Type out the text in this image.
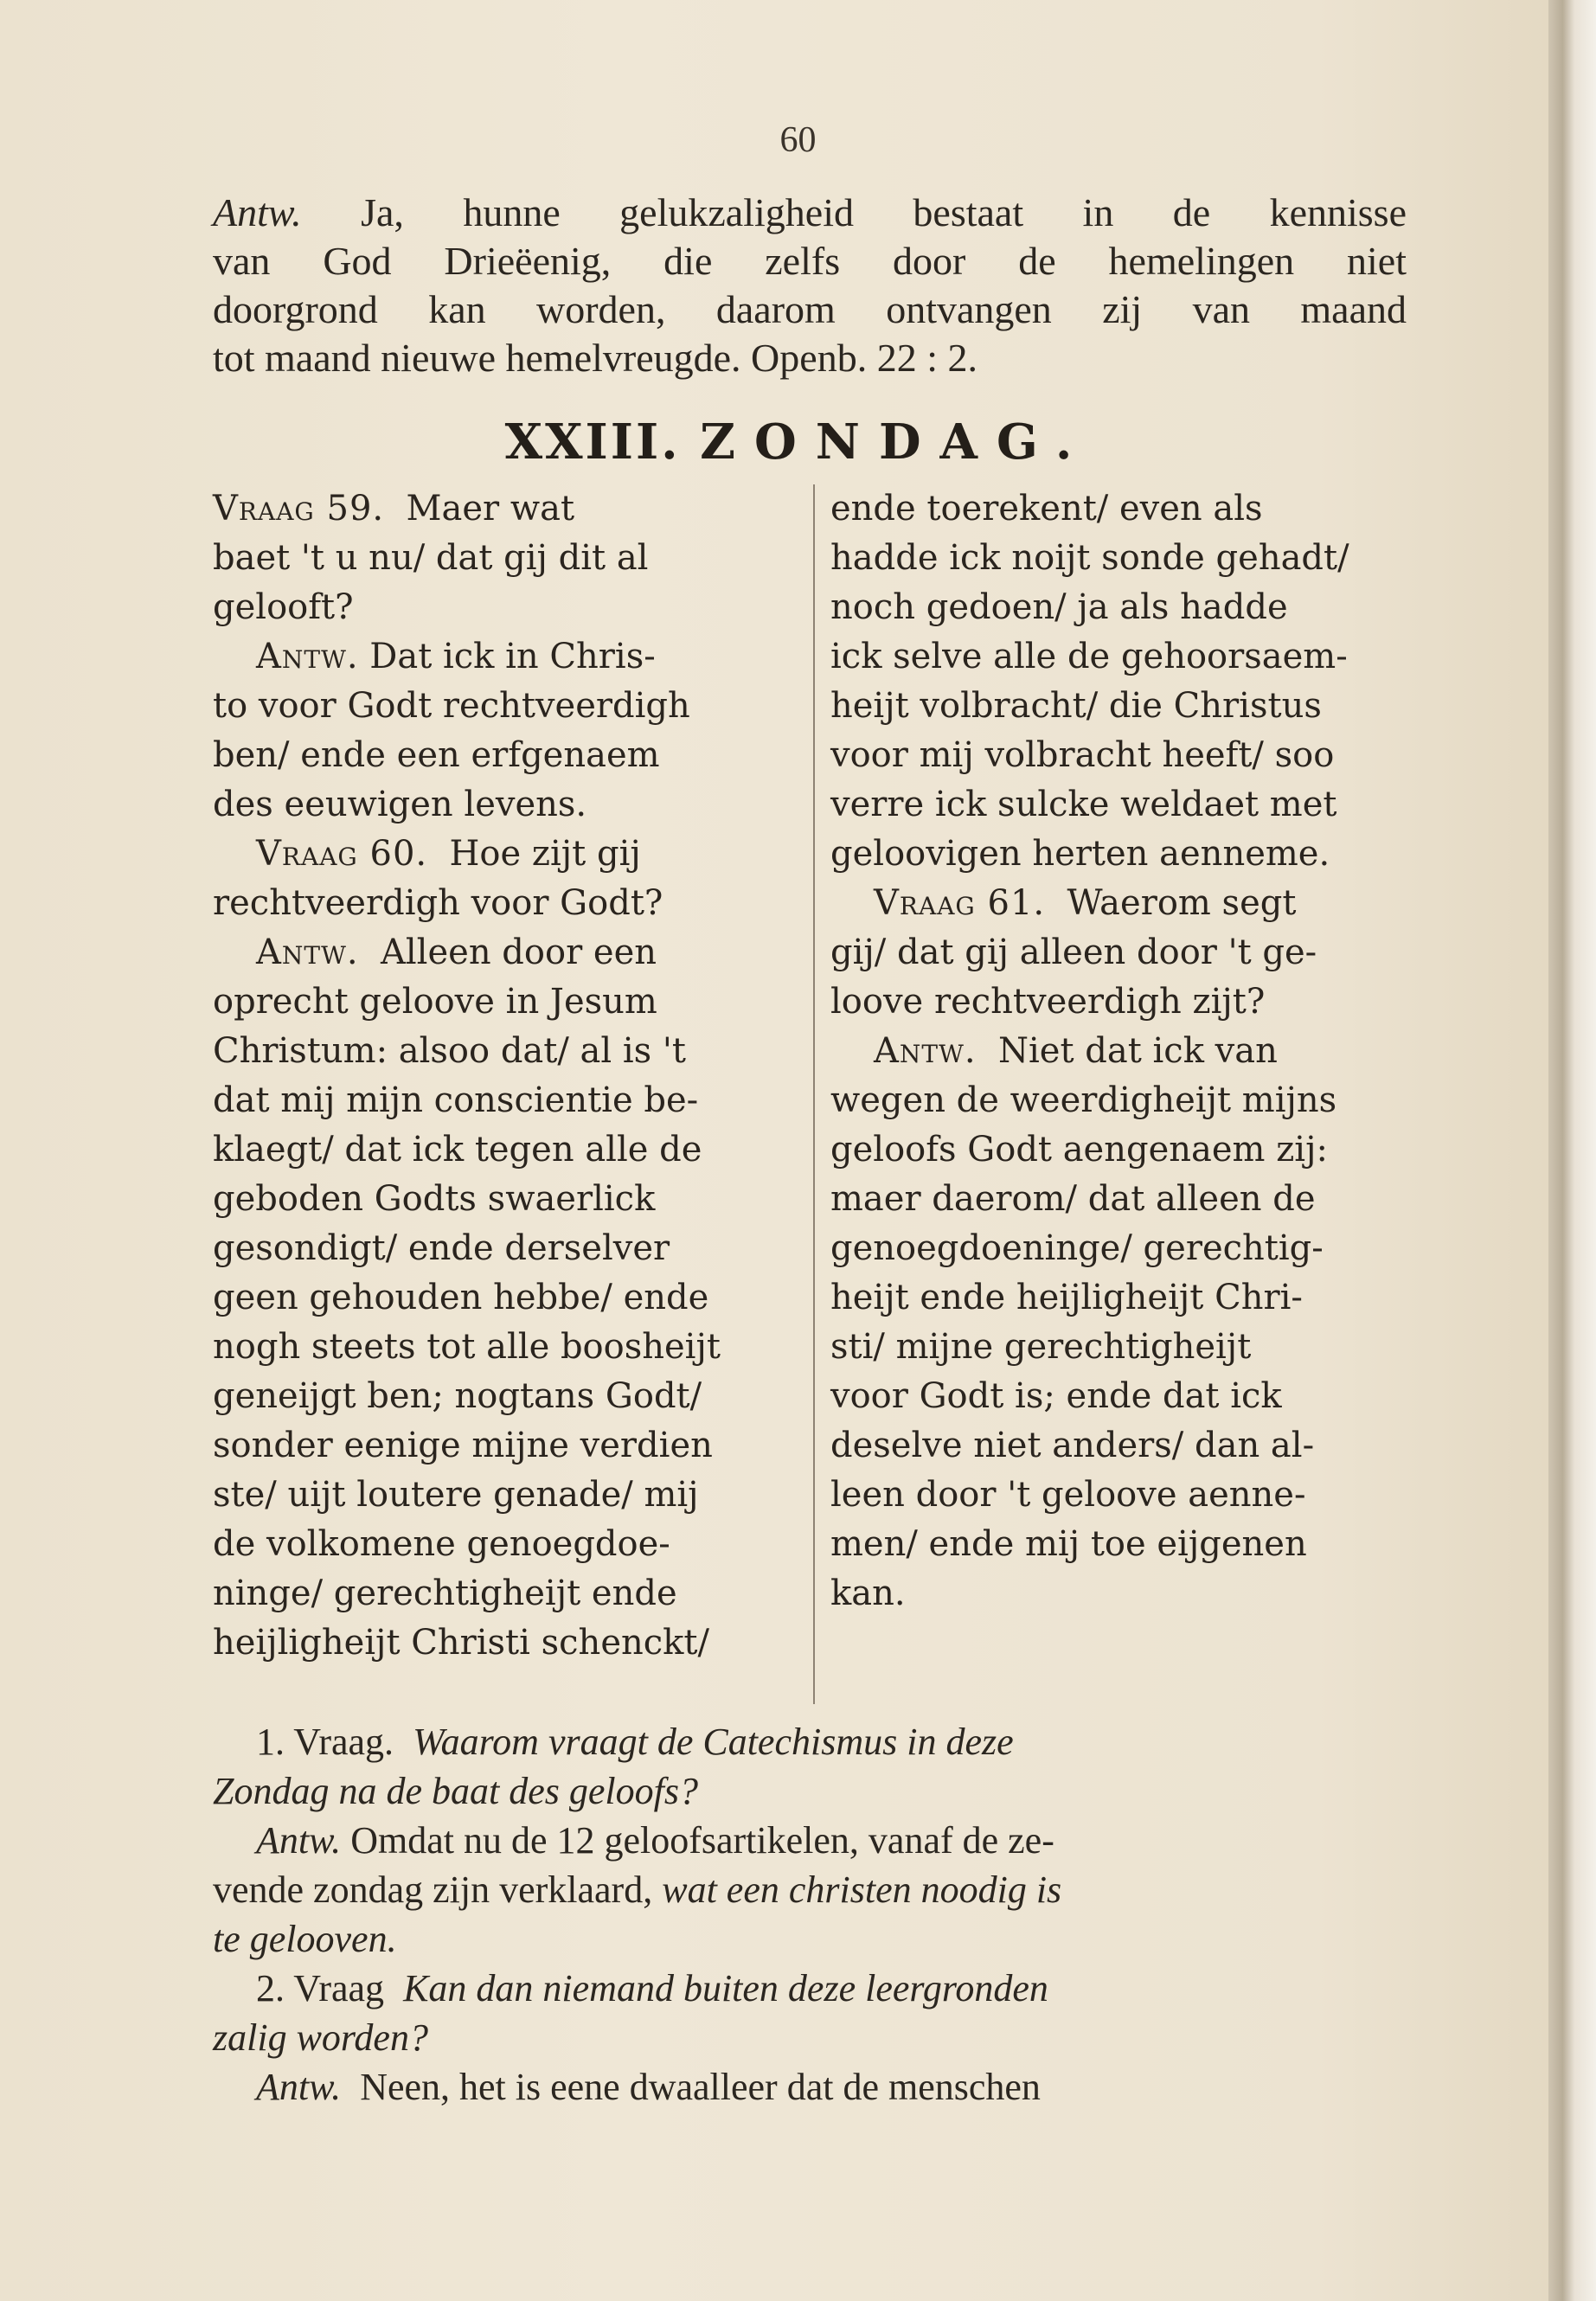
60
Antw. Ja, hunne gelukzaligheid bestaat in de kennisse
van God Drieëenig, die zelfs door de hemelingen niet
doorgrond kan worden, daarom ontvangen zij van maand
tot maand nieuwe hemelvreugde. Openb. 22 : 2.
XXIII. ZONDAG.
Vraag 59. Maer wat
baet 't u nu/ dat gij dit al
gelooft?
Antw. Dat ick in Chris-
to voor Godt rechtveerdigh
ben/ ende een erfgenaem
des eeuwigen levens.
Vraag 60. Hoe zijt gij
rechtveerdigh voor Godt?
Antw. Alleen door een
oprecht geloove in Jesum
Christum: alsoo dat/ al is 't
dat mij mijn conscientie be-
klaegt/ dat ick tegen alle de
geboden Godts swaerlick
gesondigt/ ende derselver
geen gehouden hebbe/ ende
nogh steets tot alle boosheijt
geneijgt ben; nogtans Godt/
sonder eenige mijne verdien
ste/ uijt loutere genade/ mij
de volkomene genoegdoe-
ninge/ gerechtigheijt ende
heijligheijt Christi schenckt/
ende toerekent/ even als
hadde ick noijt sonde gehadt/
noch gedoen/ ja als hadde
ick selve alle de gehoorsaem-
heijt volbracht/ die Christus
voor mij volbracht heeft/ soo
verre ick sulcke weldaet met
geloovigen herten aenneme.
Vraag 61. Waerom segt
gij/ dat gij alleen door 't ge-
loove rechtveerdigh zijt?
Antw. Niet dat ick van
wegen de weerdigheijt mijns
geloofs Godt aengenaem zij:
maer daerom/ dat alleen de
genoegdoeninge/ gerechtig-
heijt ende heijligheijt Chri-
sti/ mijne gerechtigheijt
voor Godt is; ende dat ick
deselve niet anders/ dan al-
leen door 't geloove aenne-
men/ ende mij toe eijgenen
kan.
1. Vraag. Waarom vraagt de Catechismus in deze
Zondag na de baat des geloofs?
Antw. Omdat nu de 12 geloofsartikelen, vanaf de ze-
vende zondag zijn verklaard, wat een christen noodig is
te gelooven.
2. Vraag Kan dan niemand buiten deze leergronden
zalig worden?
Antw. Neen, het is eene dwaalleer dat de menschen
